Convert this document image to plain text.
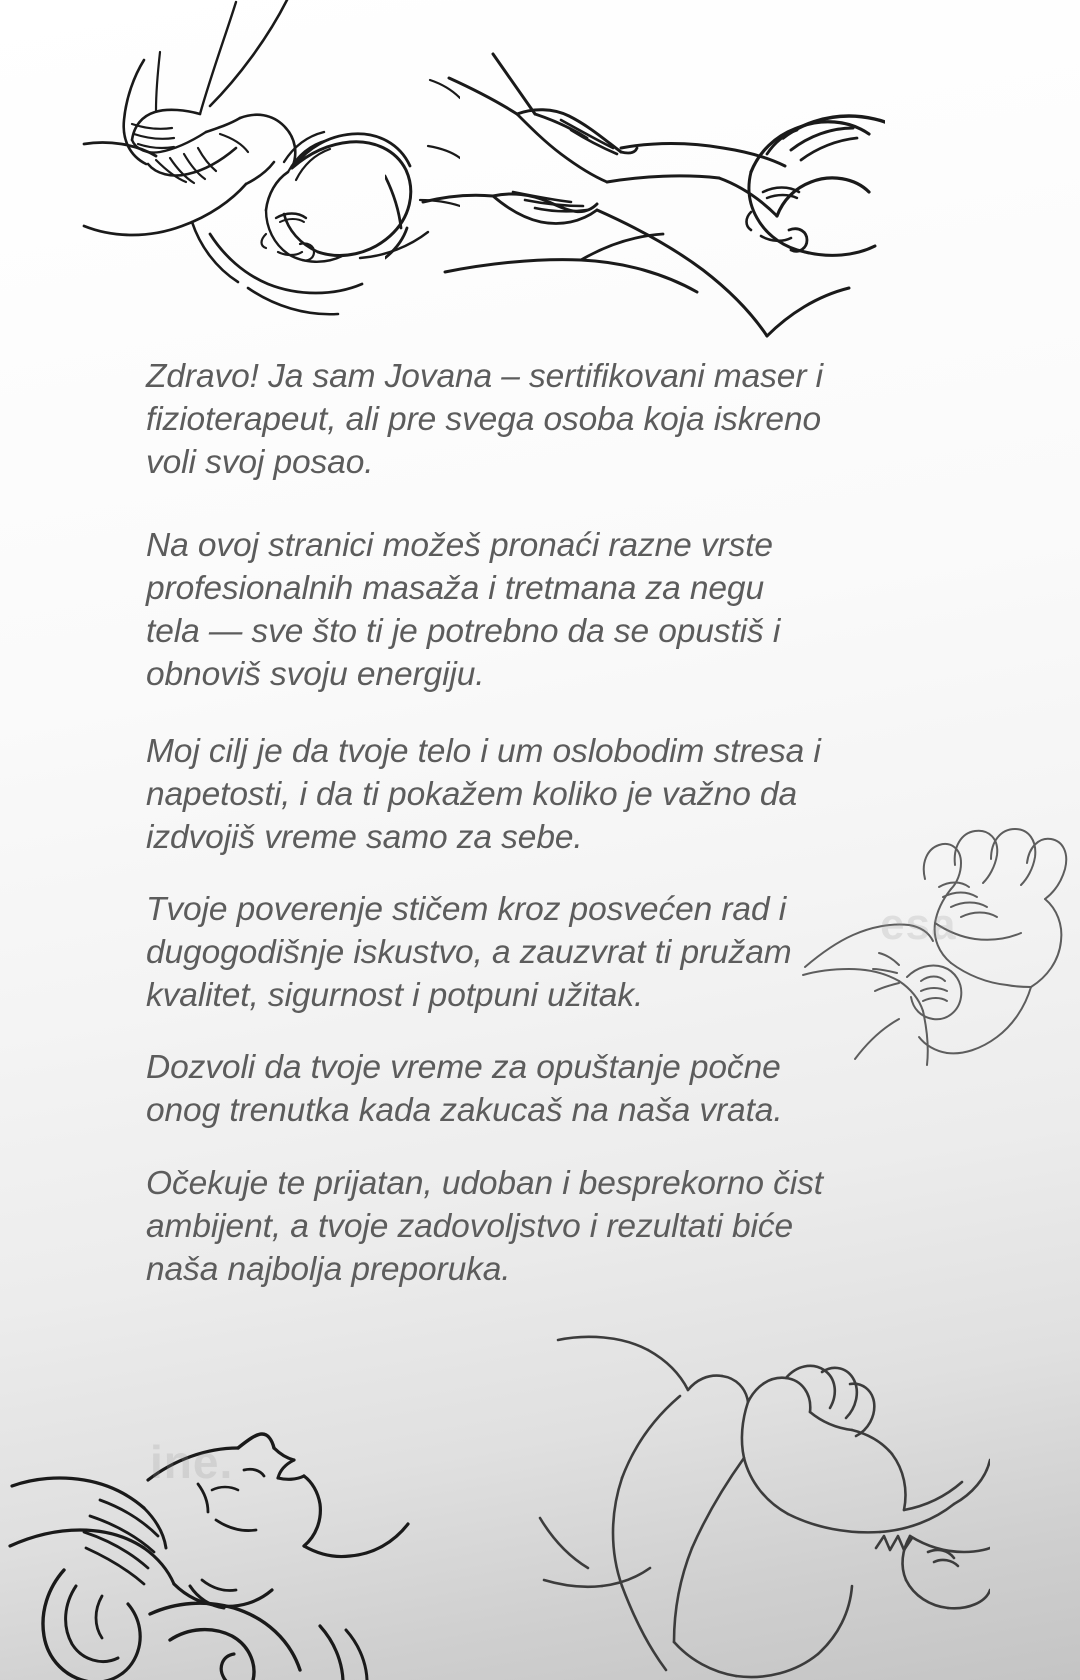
esa

Zdravo! Ja sam Jovana – sertifikovani maser i fizioterapeut, ali pre svega osoba koja iskreno voli svoj posao.

Na ovoj stranici možeš pronaći razne vrste profesionalnih masaža i tretmana za negu tela — sve što ti je potrebno da se opustiš i obnoviš svoju energiju.

Moj cilj je da tvoje telo i um oslobodim stresa i napetosti, i da ti pokažem koliko je važno da izdvojiš vreme samo za sebe.

Tvoje poverenje stičem kroz posvećen rad i dugogodišnje iskustvo, a zauzvrat ti pružam kvalitet, sigurnost i potpuni užitak.

Dozvoli da tvoje vreme za opuštanje počne onog trenutka kada zakucaš na naša vrata.

Očekuje te prijatan, udoban i besprekorno čist ambijent, a tvoje zadovoljstvo i rezultati biće naša najbolja preporuka.

ine.
